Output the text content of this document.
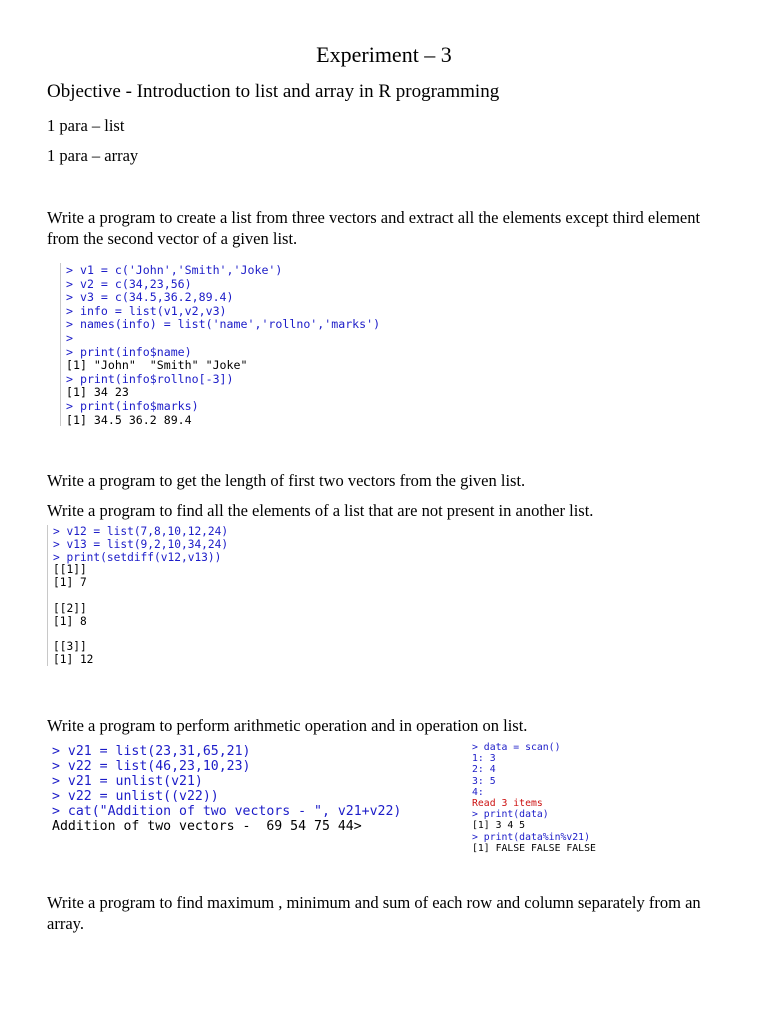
Experiment – 3
Objective - Introduction to list and array in R programming
1 para – list
1 para – array
Write a program to create a list from three vectors and extract all the elements except third element from the second vector of a given list.
> v1 = c('John','Smith','Joke')
> v2 = c(34,23,56)
> v3 = c(34.5,36.2,89.4)
> info = list(v1,v2,v3)
> names(info) = list('name','rollno','marks')
>
> print(info$name)
[1] "John"  "Smith" "Joke"
> print(info$rollno[-3])
[1] 34 23
> print(info$marks)
[1] 34.5 36.2 89.4
Write a program to get the length of first two vectors from the given list.
Write a program to find all the elements of a list that are not present in another list.
> v12 = list(7,8,10,12,24)
> v13 = list(9,2,10,34,24)
> print(setdiff(v12,v13))
[[1]]
[1] 7
[[2]]
[1] 8
[[3]]
[1] 12
Write a program to perform arithmetic operation and in operation on list.
> v21 = list(23,31,65,21)
> v22 = list(46,23,10,23)
> v21 = unlist(v21)
> v22 = unlist((v22))
> cat("Addition of two vectors - ", v21+v22)
Addition of two vectors -  69 54 75 44>
> data = scan()
1: 3
2: 4
3: 5
4:
Read 3 items
> print(data)
[1] 3 4 5
> print(data%in%v21)
[1] FALSE FALSE FALSE
Write a program to find maximum , minimum and sum of each row and column separately from an array.
